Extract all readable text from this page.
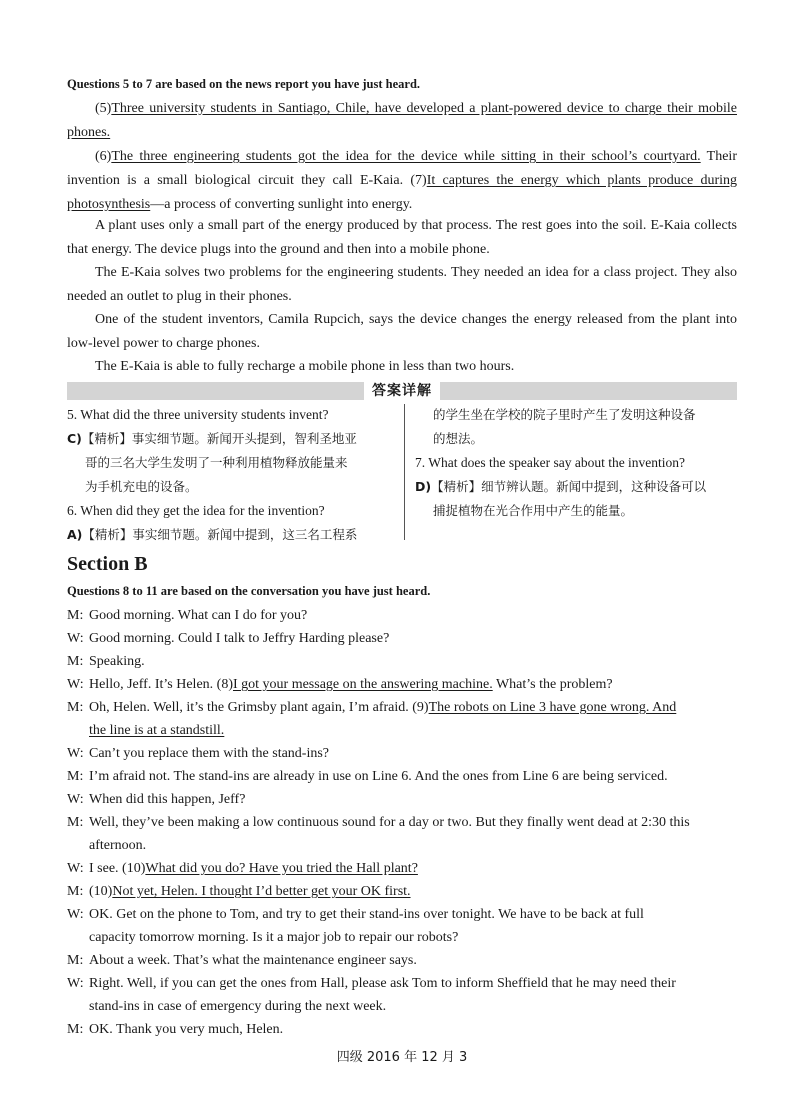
Questions 5 to 7 are based on the news report you have just heard.

(5)Three university students in Santiago, Chile, have developed a plant-powered device to charge their mobile phones.

(6)The three engineering students got the idea for the device while sitting in their school’s courtyard. Their invention is a small biological circuit they call E-Kaia. (7)It captures the energy which plants produce during photosynthesis—a process of converting sunlight into energy.

A plant uses only a small part of the energy produced by that process. The rest goes into the soil. E-Kaia collects that energy. The device plugs into the ground and then into a mobile phone.

The E-Kaia solves two problems for the engineering students. They needed an idea for a class project. They also needed an outlet to plug in their phones.

One of the student inventors, Camila Rupcich, says the device changes the energy released from the plant into low-level power to charge phones.

The E-Kaia is able to fully recharge a mobile phone in less than two hours.

答案详解
5. What did the three university students invent?
C)【精析】事实细节题。新闻开头提到，智利圣地亚
哥的三名大学生发明了一种利用植物释放能量来
为手机充电的设备。
6. When did they get the idea for the invention?
A)【精析】事实细节题。新闻中提到，这三名工程系
的学生坐在学校的院子里时产生了发明这种设备
的想法。
7. What does the speaker say about the invention?
D)【精析】细节辨认题。新闻中提到，这种设备可以
捕捉植物在光合作用中产生的能量。
Section B
Questions 8 to 11 are based on the conversation you have just heard.
M: Good morning. What can I do for you?
W: Good morning. Could I talk to Jeffry Harding please?
M: Speaking.
W: Hello, Jeff. It’s Helen. (8)I got your message on the answering machine. What’s the problem?
M: Oh, Helen. Well, it’s the Grimsby plant again, I’m afraid. (9)The robots on Line 3 have gone wrong. And
the line is at a standstill.
W: Can’t you replace them with the stand-ins?
M: I’m afraid not. The stand-ins are already in use on Line 6. And the ones from Line 6 are being serviced.
W: When did this happen, Jeff?
M: Well, they’ve been making a low continuous sound for a day or two. But they finally went dead at 2:30 this
afternoon.
W: I see. (10)What did you do? Have you tried the Hall plant?
M: (10)Not yet, Helen. I thought I’d better get your OK first.
W: OK. Get on the phone to Tom, and try to get their stand-ins over tonight. We have to be back at full
capacity tomorrow morning. Is it a major job to repair our robots?
M: About a week. That’s what the maintenance engineer says.
W: Right. Well, if you can get the ones from Hall, please ask Tom to inform Sheffield that he may need their
stand-ins in case of emergency during the next week.
M: OK. Thank you very much, Helen.
四级 2016 年 12 月 3
